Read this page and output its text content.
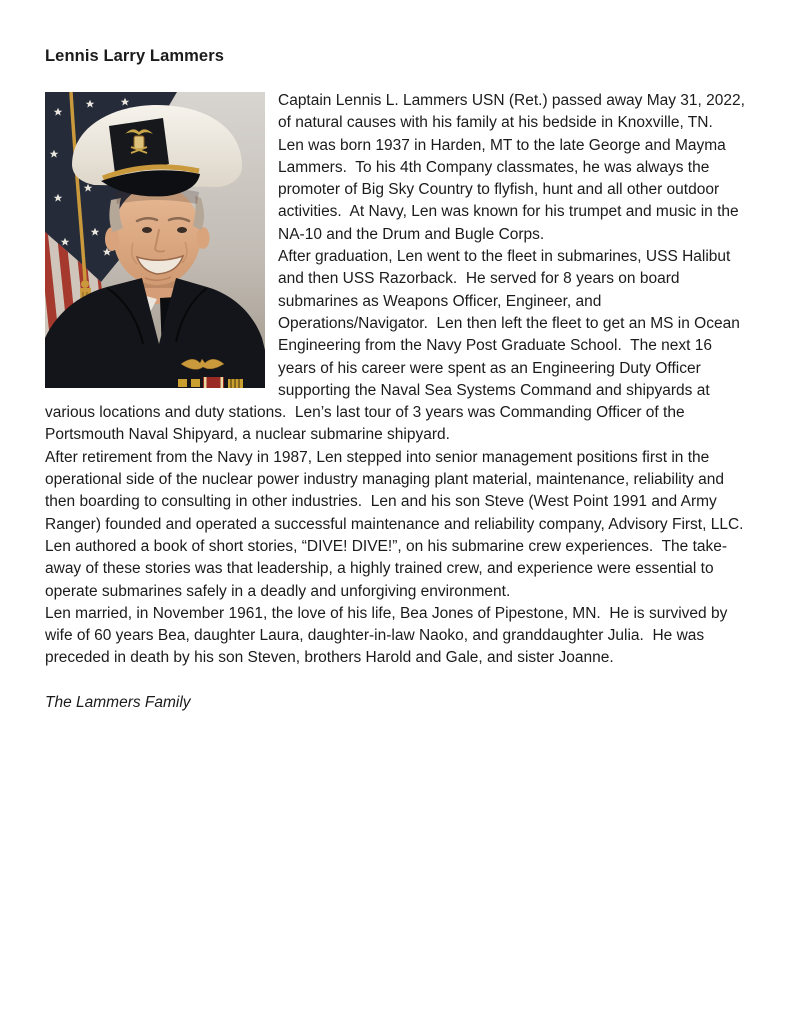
Lennis Larry Lammers

Captain Lennis L. Lammers USN (Ret.) passed away May 31, 2022, of natural causes with his family at his bedside in Knoxville, TN.  Len was born 1937 in Harden, MT to the late George and Mayma Lammers.  To his 4th Company classmates, he was always the promoter of Big Sky Country to flyfish, hunt and all other outdoor activities.  At Navy, Len was known for his trumpet and music in the NA-10 and the Drum and Bugle Corps.

After graduation, Len went to the fleet in submarines, USS Halibut and then USS Razorback.  He served for 8 years on board submarines as Weapons Officer, Engineer, and Operations/Navigator.  Len then left the fleet to get an MS in Ocean Engineering from the Navy Post Graduate School.  The next 16 years of his career were spent as an Engineering Duty Officer supporting the Naval Sea Systems Command and shipyards at various locations and duty stations.  Len’s last tour of 3 years was Commanding Officer of the Portsmouth Naval Shipyard, a nuclear submarine shipyard.

After retirement from the Navy in 1987, Len stepped into senior management positions first in the operational side of the nuclear power industry managing plant material, maintenance, reliability and then boarding to consulting in other industries.  Len and his son Steve (West Point 1991 and Army Ranger) founded and operated a successful maintenance and reliability company, Advisory First, LLC.  Len authored a book of short stories, “DIVE! DIVE!”, on his submarine crew experiences.  The take-away of these stories was that leadership, a highly trained crew, and experience were essential to operate submarines safely in a deadly and unforgiving environment.

Len married, in November 1961, the love of his life, Bea Jones of Pipestone, MN.  He is survived by wife of 60 years Bea, daughter Laura, daughter-in-law Naoko, and granddaughter Julia.  He was preceded in death by his son Steven, brothers Harold and Gale, and sister Joanne.

The Lammers Family
